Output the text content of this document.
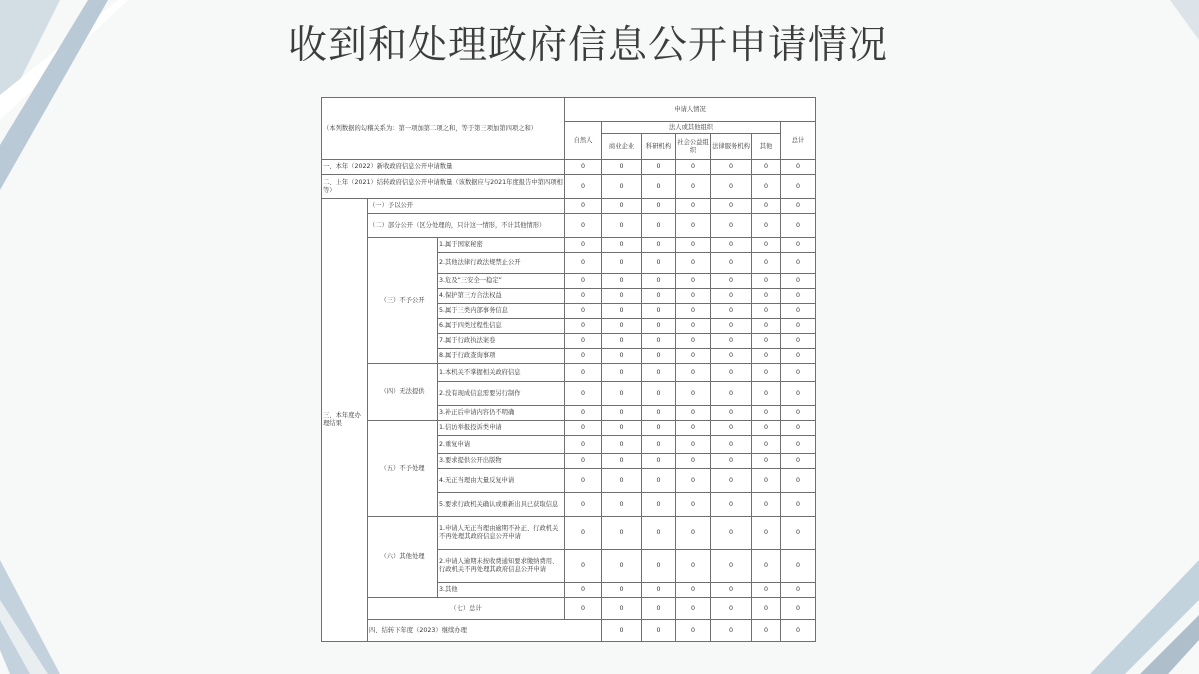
收到和处理政府信息公开申请情况
（本列数据的勾稽关系为：第一项加第二项之和，等于第三项加第四项之和）			申请人情况							
			自然人	法人或其他组织					总计	
				商业企业	科研机构	社会公益组织	法律服务机构	其他		
一、本年（2022）新收政府信息公开申请数量			0	0	0	0	0	0	0	
二、上年（2021）结转政府信息公开申请数量（该数据应与2021年度报告中第四项相等）			0	0	0	0	0	0	0	
三、本年度办理结果	（一）予以公开		0	0	0	0	0	0	0	
	（二）部分公开（区分处理的，只计这一情形，不计其他情形）		0	0	0	0	0	0	0	
	（三）不予公开	1.属于国家秘密	0	0	0	0	0	0	0	
		2.其他法律行政法规禁止公开	0	0	0	0	0	0	0	
		3.危及“三安全一稳定”	0	0	0	0	0	0	0	
		4.保护第三方合法权益	0	0	0	0	0	0	0	
		5.属于三类内部事务信息	0	0	0	0	0	0	0	
		6.属于四类过程性信息	0	0	0	0	0	0	0	
		7.属于行政执法案卷	0	0	0	0	0	0	0	
		8.属于行政查询事项	0	0	0	0	0	0	0	
	（四）无法提供	1.本机关不掌握相关政府信息	0	0	0	0	0	0	0	
		2.没有现成信息需要另行制作	0	0	0	0	0	0	0	
		3.补正后申请内容仍不明确	0	0	0	0	0	0	0	
	（五）不予处理	1.信访举报投诉类申请	0	0	0	0	0	0	0	
		2.重复申请	0	0	0	0	0	0	0	
		3.要求提供公开出版物	0	0	0	0	0	0	0	
		4.无正当理由大量反复申请	0	0	0	0	0	0	0	
		5.要求行政机关确认或重新出具已获取信息	0	0	0	0	0	0	0	
	（六）其他处理	1.申请人无正当理由逾期不补正、行政机关不再处理其政府信息公开申请	0	0	0	0	0	0	0	
		2.申请人逾期未按收费通知要求缴纳费用、行政机关不再处理其政府信息公开申请	0	0	0	0	0	0	0	
		3.其他	0	0	0	0	0	0	0	
	（七）总计		0	0	0	0	0	0	0	
	四、结转下年度（2023）继续办理			0	0	0	0	0	0	
